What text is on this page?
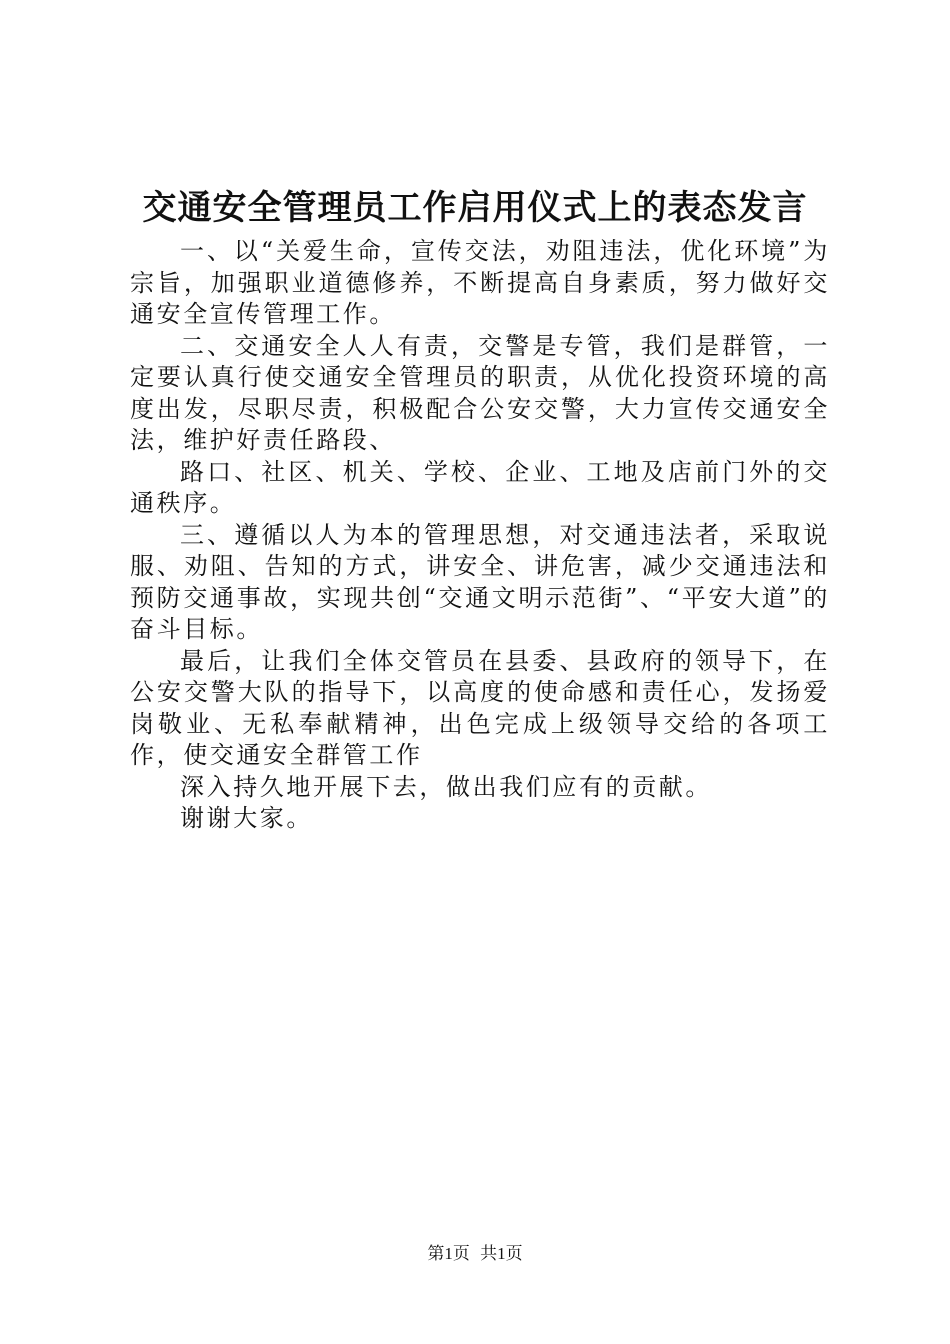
交通安全管理员工作启用仪式上的表态发言

一、以“关爱生命，宣传交法，劝阻违法，优化环境”为宗旨，加强职业道德修养，不断提高自身素质，努力做好交通安全宣传管理工作。

二、交通安全人人有责，交警是专管，我们是群管，一定要认真行使交通安全管理员的职责，从优化投资环境的高度出发，尽职尽责，积极配合公安交警，大力宣传交通安全法，维护好责任路段、

路口、社区、机关、学校、企业、工地及店前门外的交通秩序。

三、遵循以人为本的管理思想，对交通违法者，采取说服、劝阻、告知的方式，讲安全、讲危害，减少交通违法和预防交通事故，实现共创“交通文明示范街”、“平安大道”的奋斗目标。

最后，让我们全体交管员在县委、县政府的领导下，在公安交警大队的指导下，以高度的使命感和责任心，发扬爱岗敬业、无私奉献精神，出色完成上级领导交给的各项工作，使交通安全群管工作

深入持久地开展下去，做出我们应有的贡献。

谢谢大家。

第1页 共1页
